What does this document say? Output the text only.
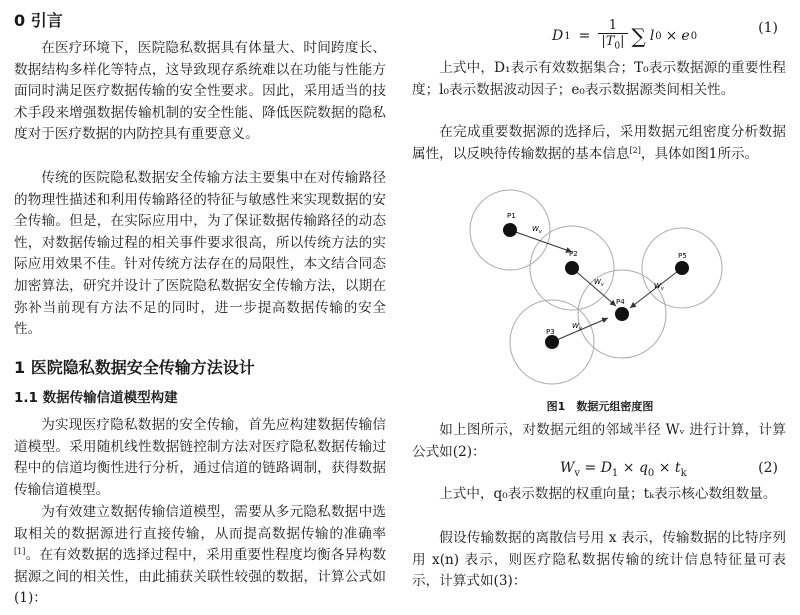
0 引言

在医疗环境下，医院隐私数据具有体量大、时间跨度长、数据结构多样化等特点，这导致现存系统难以在功能与性能方面同时满足医疗数据传输的安全性要求。因此，采用适当的技术手段来增强数据传输机制的安全性能、降低医院数据的隐私度对于医疗数据的内防控具有重要意义。

传统的医院隐私数据安全传输方法主要集中在对传输路径的物理性描述和利用传输路径的特征与敏感性来实现数据的安全传输。但是，在实际应用中，为了保证数据传输路径的动态性，对数据传输过程的相关事件要求很高，所以传统方法的实际应用效果不佳。针对传统方法存在的局限性，本文结合同态加密算法，研究并设计了医院隐私数据安全传输方法，以期在弥补当前现有方法不足的同时，进一步提高数据传输的安全性。

1 医院隐私数据安全传输方法设计
1.1 数据传输信道模型构建

为实现医疗隐私数据的安全传输，首先应构建数据传输信道模型。采用随机线性数据链控制方法对医疗隐私数据传输过程中的信道均衡性进行分析，通过信道的链路调制，获得数据传输信道模型。

为有效建立数据传输信道模型，需要从多元隐私数据中选取相关的数据源进行直接传输，从而提高数据传输的准确率[1]。在有效数据的选择过程中，采用重要性程度均衡各异构数据源之间的相关性，由此捕获关联性较强的数据，计算公式如(1)：

D $1 = \frac{1}{|T_0|}$ ∑ l 0 × e 0
(1)

上式中，D₁表示有效数据集合；T₀表示数据源的重要性程度；l₀表示数据波动因子；e₀表示数据源类间相关性。

在完成重要数据源的选择后，采用数据元组密度分析数据属性，以反映待传输数据的基本信息[2]，具体如图1所示。

P1
P2
P3
P4
P5
$W_v$
$W_v$	$W_v$
$W_v$
图1　数据元组密度图

如上图所示，对数据元组的邻域半径 Wᵥ 进行计算，计算公式如(2)：

$W_v = D_1 \times q_0 \times t_k$	(2)

上式中，q₀表示数据的权重向量；tₖ表示核心数组数量。

假设传输数据的离散信号用 x 表示，传输数据的比特序列用 x(n) 表示，则医疗隐私数据传输的统计信息特征量可表示，计算式如(3)：
